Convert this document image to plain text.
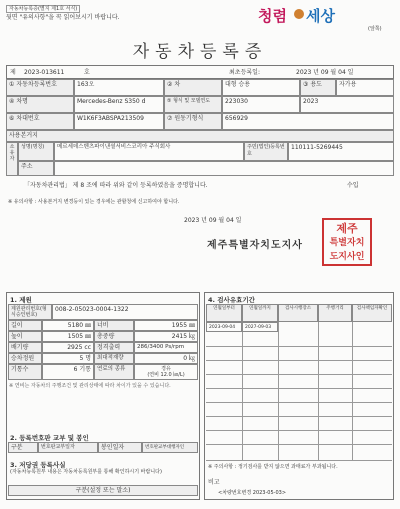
자동차등록증(별지 제1호 서식)
뒷면 "유의사항"을 꼭 읽어보시기 바랍니다.	청렴 세상
(앞쪽)
자동차등록증
제 2023-013611	호	최초등록일:	2023 년 09 월 04 일
① 자동차등록번호	163오	② 차	대형 승용	③ 용도	자가용
④ 차명	Mercedes-Benz S350 d	⑤ 형식 및 모델연도	223030	2023
⑥ 차대번호	W1K6F3ABSPA213509	⑦ 원동기형식	656929
사용본거지
소유자
성명(명칭)	메르세데스벤츠파이낸셜서비스코리아 주식회사	주민(법인)등록번호
110111-5269445
주소
「자동차관리법」 제 8 조에 따라 위와 같이 등록하였음을 증명합니다.	수입
※ 유의사항 : 사용본거지 변경등이 있는 경우에는 관할청에 신고하여야 합니다.
2023 년 09 월 04 일
제주특별자치도지사
제주
특별자치
도지사인
1. 제원
제원관리번호(형식승인번호)
008-2-05023-0004-1322
길이	5180 ㎜	너비	1955 ㎜
높이	1505 ㎜	총중량	2415 ㎏
배기량	2925 cc	정격출력	286/3400 Ps/rpm
승차정원	5 명	최대적재량	0 ㎏
기통수	6 기통	연료의 종류	경유
(연비 12.0 ㎞/L)
※ 연비는 자동차의 주행조건 및 관리상태에 따라 차이가 있을 수 있습니다.
2. 등록번호판 교부 및 봉인
구분	번호판교부일자	봉인일자	번호판교부대행자인
3. 저당권 등록사실
(자동차등록원부 내용은 자동차등록원부를 통해 확인하시기 바랍니다)
구분(설정 또는 말소)
4. 검사유효기간
연월일부터	연월일까지	검사시행장소	주행거리	검사책임자확인
2023-09-04	2027-09-03
※ 주의사항 : 정기검사를 받지 않으면 과태료가 부과됩니다.
비고
<차량번호변경 2023-05-03>
